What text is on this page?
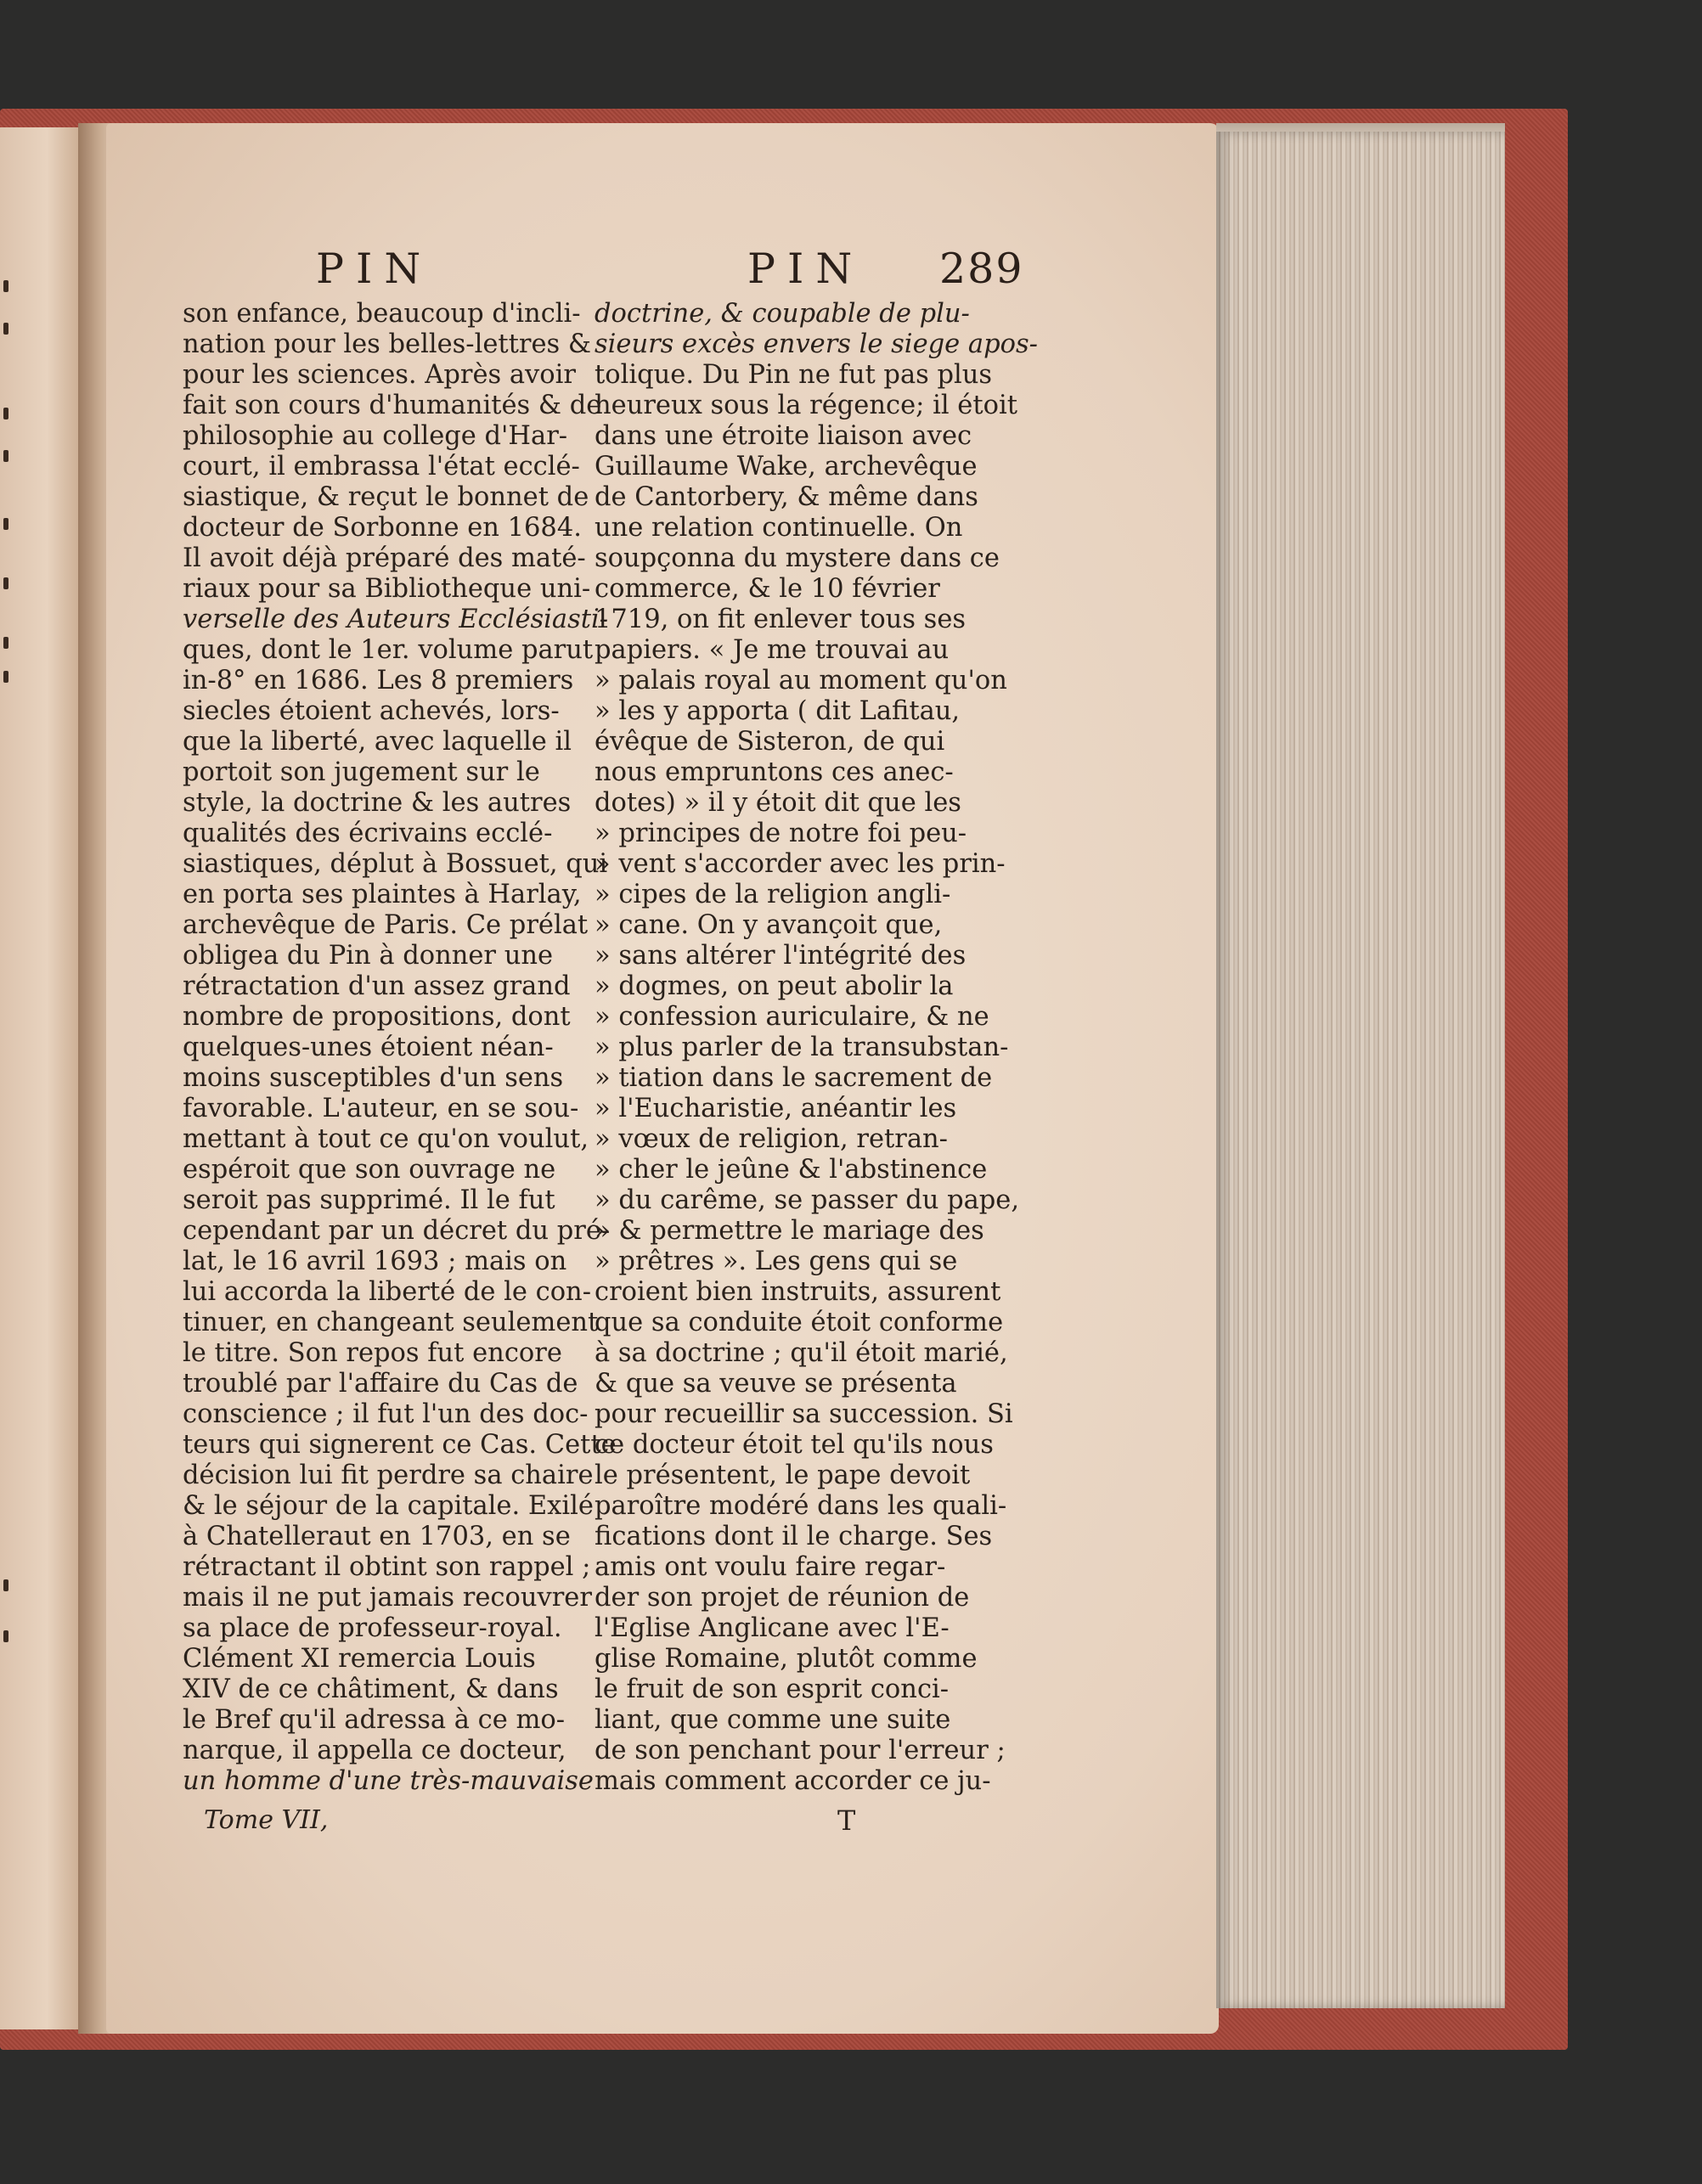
PIN	PIN 289
son enfance, beaucoup d'incli-
nation pour les belles-lettres &
pour les sciences. Après avoir
fait son cours d'humanités & de
philosophie au college d'Har-
court, il embrassa l'état ecclé-
siastique, & reçut le bonnet de
docteur de Sorbonne en 1684.
Il avoit déjà préparé des maté-
riaux pour sa Bibliotheque uni-
verselle des Auteurs Ecclésiasti-
ques, dont le 1er. volume parut
in-8° en 1686. Les 8 premiers
siecles étoient achevés, lors-
que la liberté, avec laquelle il
portoit son jugement sur le
style, la doctrine & les autres
qualités des écrivains ecclé-
siastiques, déplut à Bossuet, qui
en porta ses plaintes à Harlay,
archevêque de Paris. Ce prélat
obligea du Pin à donner une
rétractation d'un assez grand
nombre de propositions, dont
quelques-unes étoient néan-
moins susceptibles d'un sens
favorable. L'auteur, en se sou-
mettant à tout ce qu'on voulut,
espéroit que son ouvrage ne
seroit pas supprimé. Il le fut
cependant par un décret du pré-
lat, le 16 avril 1693 ; mais on
lui accorda la liberté de le con-
tinuer, en changeant seulement
le titre. Son repos fut encore
troublé par l'affaire du Cas de
conscience ; il fut l'un des doc-
teurs qui signerent ce Cas. Cette
décision lui fit perdre sa chaire
& le séjour de la capitale. Exilé
à Chatelleraut en 1703, en se
rétractant il obtint son rappel ;
mais il ne put jamais recouvrer
sa place de professeur-royal.
Clément XI remercia Louis
XIV de ce châtiment, & dans
le Bref qu'il adressa à ce mo-
narque, il appella ce docteur,
un homme d'une très-mauvaise
doctrine, & coupable de plu-
sieurs excès envers le siege apos-
tolique. Du Pin ne fut pas plus
heureux sous la régence; il étoit
dans une étroite liaison avec
Guillaume Wake, archevêque
de Cantorbery, & même dans
une relation continuelle. On
soupçonna du mystere dans ce
commerce, & le 10 février
1719, on fit enlever tous ses
papiers. « Je me trouvai au
» palais royal au moment qu'on
» les y apporta ( dit Lafitau,
évêque de Sisteron, de qui
nous empruntons ces anec-
dotes) » il y étoit dit que les
» principes de notre foi peu-
» vent s'accorder avec les prin-
» cipes de la religion angli-
» cane. On y avançoit que,
» sans altérer l'intégrité des
» dogmes, on peut abolir la
» confession auriculaire, & ne
» plus parler de la transubstan-
» tiation dans le sacrement de
» l'Eucharistie, anéantir les
» vœux de religion, retran-
» cher le jeûne & l'abstinence
» du carême, se passer du pape,
» & permettre le mariage des
» prêtres ». Les gens qui se
croient bien instruits, assurent
que sa conduite étoit conforme
à sa doctrine ; qu'il étoit marié,
& que sa veuve se présenta
pour recueillir sa succession. Si
ce docteur étoit tel qu'ils nous
le présentent, le pape devoit
paroître modéré dans les quali-
fications dont il le charge. Ses
amis ont voulu faire regar-
der son projet de réunion de
l'Eglise Anglicane avec l'E-
glise Romaine, plutôt comme
le fruit de son esprit conci-
liant, que comme une suite
de son penchant pour l'erreur ;
mais comment accorder ce ju-
Tome VII,	T
